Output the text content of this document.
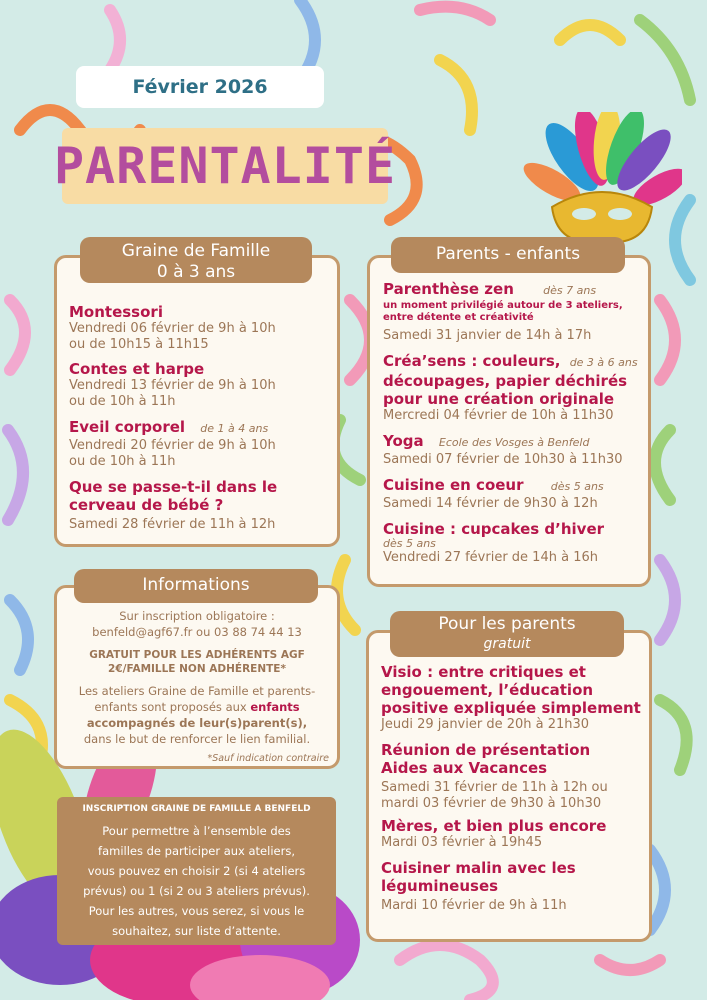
Février 2026
PARENTALITÉ
Montessori
Vendredi 06 février de 9h à 10h
ou de 10h15 à 11h15
Contes et harpe
Vendredi 13 février de 9h à 10h
ou de 10h à 11h
Eveil corporel de 1 à 4 ans
Vendredi 20 février de 9h à 10h
ou de 10h à 11h
Que se passe-t-il dans le
cerveau de bébé ?
Samedi 28 février de 11h à 12h
Graine de Famille
0 à 3 ans
Parenthèse zen	dès 7 ans
un moment privilégié autour de 3 ateliers,
entre détente et créativité
Samedi 31 janvier de 14h à 17h
Créa’sens : couleurs, de 3 à 6 ans
découpages, papier déchirés
pour une création originale
Mercredi 04 février de 10h à 11h30
Yoga Ecole des Vosges à Benfeld
Samedi 07 février de 10h30 à 11h30
Cuisine en coeur dès 5 ans
Samedi 14 février de 9h30 à 12h
Cuisine : cupcakes d’hiver
dès 5 ans
Vendredi 27 février de 14h à 16h
Parents - enfants

Sur inscription obligatoire :

benfeld@agf67.fr ou 03 88 74 44 13

GRATUIT POUR LES ADHÉRENTS AGF

2€/FAMILLE NON ADHÉRENTE*

Les ateliers Graine de Famille et parents-

enfants sont proposés aux enfants

accompagnés de leur(s)parent(s),

dans le but de renforcer le lien familial.

*Sauf indication contraire

Informations
INSCRIPTION GRAINE DE FAMILLE A BENFELD
Pour permettre à l’ensemble des
familles de participer aux ateliers,
vous pouvez en choisir 2 (si 4 ateliers
prévus) ou 1 (si 2 ou 3 ateliers prévus).
Pour les autres, vous serez, si vous le
souhaitez, sur liste d’attente.
Visio : entre critiques et
engouement, l’éducation
positive expliquée simplement
Jeudi 29 janvier de 20h à 21h30
Réunion de présentation
Aides aux Vacances
Samedi 31 février de 11h à 12h ou
mardi 03 février de 9h30 à 10h30
Mères, et bien plus encore
Mardi 03 février à 19h45
Cuisiner malin avec les
légumineuses
Mardi 10 février de 9h à 11h
Pour les parents
gratuit
